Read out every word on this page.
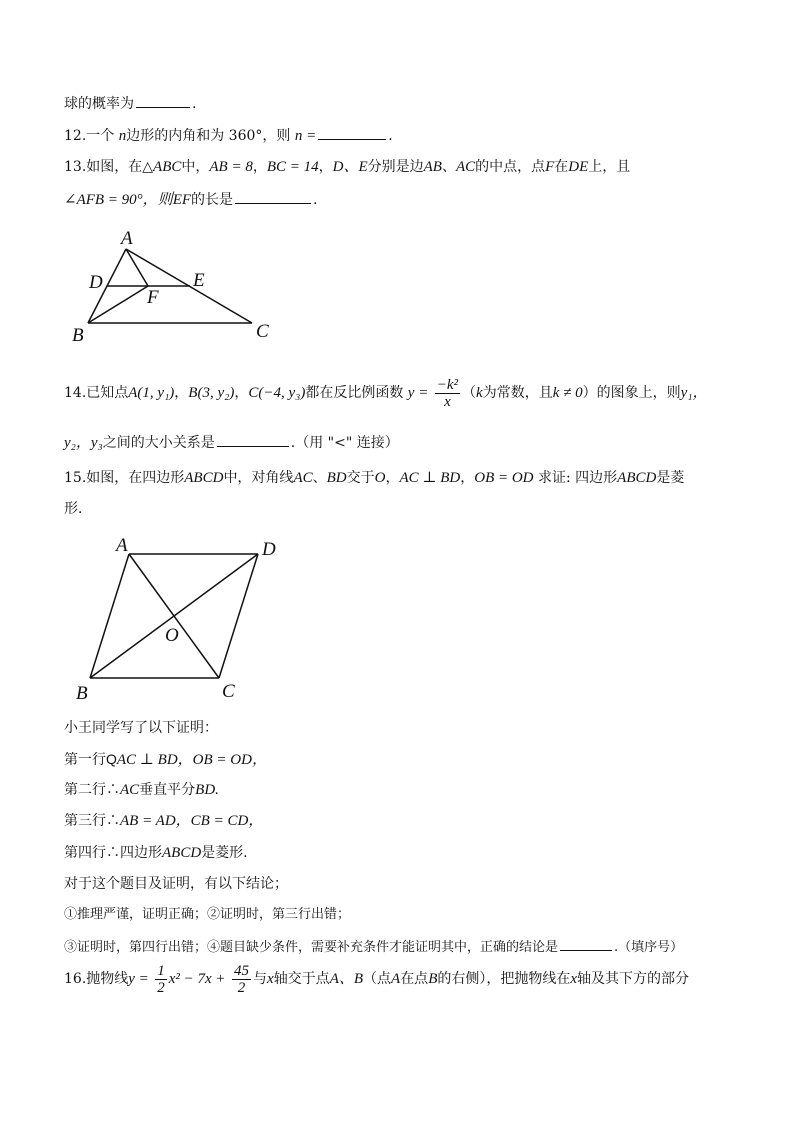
球的概率为	.
12.一个 n边形的内角和为 360°，则 n =	.
13.如图，在△ABC中，AB = 8，BC = 14，D、E分别是边AB、AC的中点，点F在DE上，且
∠AFB = 90°，则EF的长是	.
A
D	E
F
B	C
14.已知点A(1, y₁)，B(3, y₂)，C(−4, y₃)都在反比例函数 $y = \frac{\text{−k²}}{x} (k$为常数，且k ≠ 0）的图象上，则y₁，
y₂，y₃之间的大小关系是	.（用 "<" 连接）
15.如图，在四边形ABCD中，对角线AC、BD交于O，AC ⊥ BD，OB = OD 求证: 四边形ABCD是菱
形.
A	D
O
B	C
小王同学写了以下证明：
第一行QAC ⊥ BD，OB = OD，
第二行∴AC垂直平分BD.
第三行∴AB = AD，CB = CD，
第四行∴四边形ABCD是菱形.
对于这个题目及证明，有以下结论；
①推理严谨，证明正确；②证明时，第三行出错；
③证明时，第四行出错；④题目缺少条件，需要补充条件才能证明其中，正确的结论是	.（填序号）
16.抛物线$y = \frac{1}{2} x^2 - 7x + \frac{45}{2}$ 与x轴交于点A、B（点A在点B的右侧），把抛物线在x轴及其下方的部分
